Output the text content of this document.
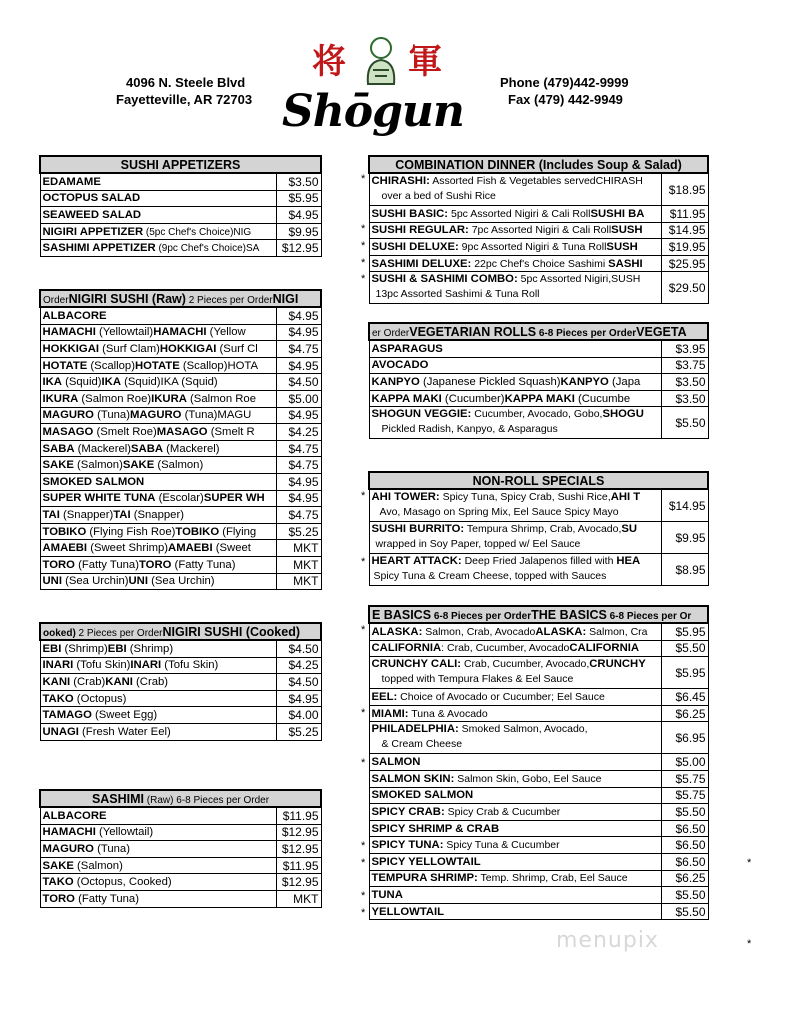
4096 N. Steele Blvd
Fayetteville, AR 72703
Phone (479)442-9999
Fax (479) 442-9949
将 軍
Shōgun
SUSHI APPETIZERS	
EDAMAME	$3.50
OCTOPUS SALAD	$5.95
SEAWEED SALAD	$4.95
NIGIRI APPETIZER (5pc Chef's Choice)NIG	$9.95
SASHIMI APPETIZER (9pc Chef's Choice)SA	$12.95
OrderNIGIRI SUSHI (Raw) 2 Pieces per OrderNIGI	
ALBACORE	$4.95
HAMACHI (Yellowtail)HAMACHI (Yellow	$4.95
HOKKIGAI (Surf Clam)HOKKIGAI (Surf Cl	$4.75
HOTATE (Scallop)HOTATE (Scallop)HOTA	$4.95
IKA (Squid)IKA (Squid)IKA (Squid)	$4.50
IKURA (Salmon Roe)IKURA (Salmon Roe	$5.00
MAGURO (Tuna)MAGURO (Tuna)MAGU	$4.95
MASAGO (Smelt Roe)MASAGO (Smelt R	$4.25
SABA (Mackerel)SABA (Mackerel)	$4.75
SAKE (Salmon)SAKE (Salmon)	$4.75
SMOKED SALMON	$4.95
SUPER WHITE TUNA (Escolar)SUPER WH	$4.95
TAI (Snapper)TAI (Snapper)	$4.75
TOBIKO (Flying Fish Roe)TOBIKO (Flying	$5.25
AMAEBI (Sweet Shrimp)AMAEBI (Sweet	MKT
TORO (Fatty Tuna)TORO (Fatty Tuna)	MKT
UNI (Sea Urchin)UNI (Sea Urchin)	MKT
ooked) 2 Pieces per OrderNIGIRI SUSHI (Cooked)	
EBI (Shrimp)EBI (Shrimp)	$4.50
INARI (Tofu Skin)INARI (Tofu Skin)	$4.25
KANI (Crab)KANI (Crab)	$4.50
TAKO (Octopus)	$4.95
TAMAGO (Sweet Egg)	$4.00
UNAGI (Fresh Water Eel)	$5.25
SASHIMI (Raw) 6-8 Pieces per Order	
ALBACORE	$11.95
HAMACHI (Yellowtail)	$12.95
MAGURO (Tuna)	$12.95
SAKE (Salmon)	$11.95
TAKO (Octopus, Cooked)	$12.95
TORO (Fatty Tuna)	MKT
COMBINATION DINNER (Includes Soup & Salad)	
CHIRASHI: Assorted Fish & Vegetables servedCHIRASH
over a bed of Sushi Rice	$18.95
SUSHI BASIC: 5pc Assorted Nigiri & Cali RollSUSHI BA	$11.95
SUSHI REGULAR: 7pc Assorted Nigiri & Cali RollSUSH	$14.95
SUSHI DELUXE: 9pc Assorted Nigiri & Tuna RollSUSH	$19.95
SASHIMI DELUXE: 22pc Chef's Choice Sashimi SASHI	$25.95
SUSHI & SASHIMI COMBO: 5pc Assorted Nigiri,SUSH
13pc Assorted Sashimi & Tuna Roll	$29.50
*
*
*
*
*
er OrderVEGETARIAN ROLLS 6-8 Pieces per OrderVEGETA	
ASPARAGUS	$3.95
AVOCADO	$3.75
KANPYO (Japanese Pickled Squash)KANPYO (Japa	$3.50
KAPPA MAKI (Cucumber)KAPPA MAKI (Cucumbe	$3.50
SHOGUN VEGGIE: Cucumber, Avocado, Gobo,SHOGU
Pickled Radish, Kanpyo, & Asparagus	$5.50
NON-ROLL SPECIALS	
AHI TOWER: Spicy Tuna, Spicy Crab, Sushi Rice,AHI T
Avo, Masago on Spring Mix, Eel Sauce Spicy Mayo	$14.95
SUSHI BURRITO: Tempura Shrimp, Crab, Avocado,SU
wrapped in Soy Paper, topped w/ Eel Sauce	$9.95
HEART ATTACK: Deep Fried Jalapenos filled with HEA
Spicy Tuna & Cream Cheese, topped with Sauces	$8.95
*
*
E BASICS 6-8 Pieces per OrderTHE BASICS 6-8 Pieces per Or	
ALASKA: Salmon, Crab, AvocadoALASKA: Salmon, Cra	$5.95
CALIFORNIA: Crab, Cucumber, AvocadoCALIFORNIA	$5.50
CRUNCHY CALI: Crab, Cucumber, Avocado,CRUNCHY
topped with Tempura Flakes & Eel Sauce	$5.95
EEL: Choice of Avocado or Cucumber; Eel Sauce	$6.45
MIAMI: Tuna & Avocado	$6.25
PHILADELPHIA: Smoked Salmon, Avocado,
& Cream Cheese	$6.95
SALMON	$5.00
SALMON SKIN: Salmon Skin, Gobo, Eel Sauce	$5.75
SMOKED SALMON	$5.75
SPICY CRAB: Spicy Crab & Cucumber	$5.50
SPICY SHRIMP & CRAB	$6.50
SPICY TUNA: Spicy Tuna & Cucumber	$6.50
SPICY YELLOWTAIL	$6.50
TEMPURA SHRIMP: Temp. Shrimp, Crab, Eel Sauce	$6.25
TUNA	$5.50
YELLOWTAIL	$5.50
*
*
*
*
*
*
*
*
*
menupix
